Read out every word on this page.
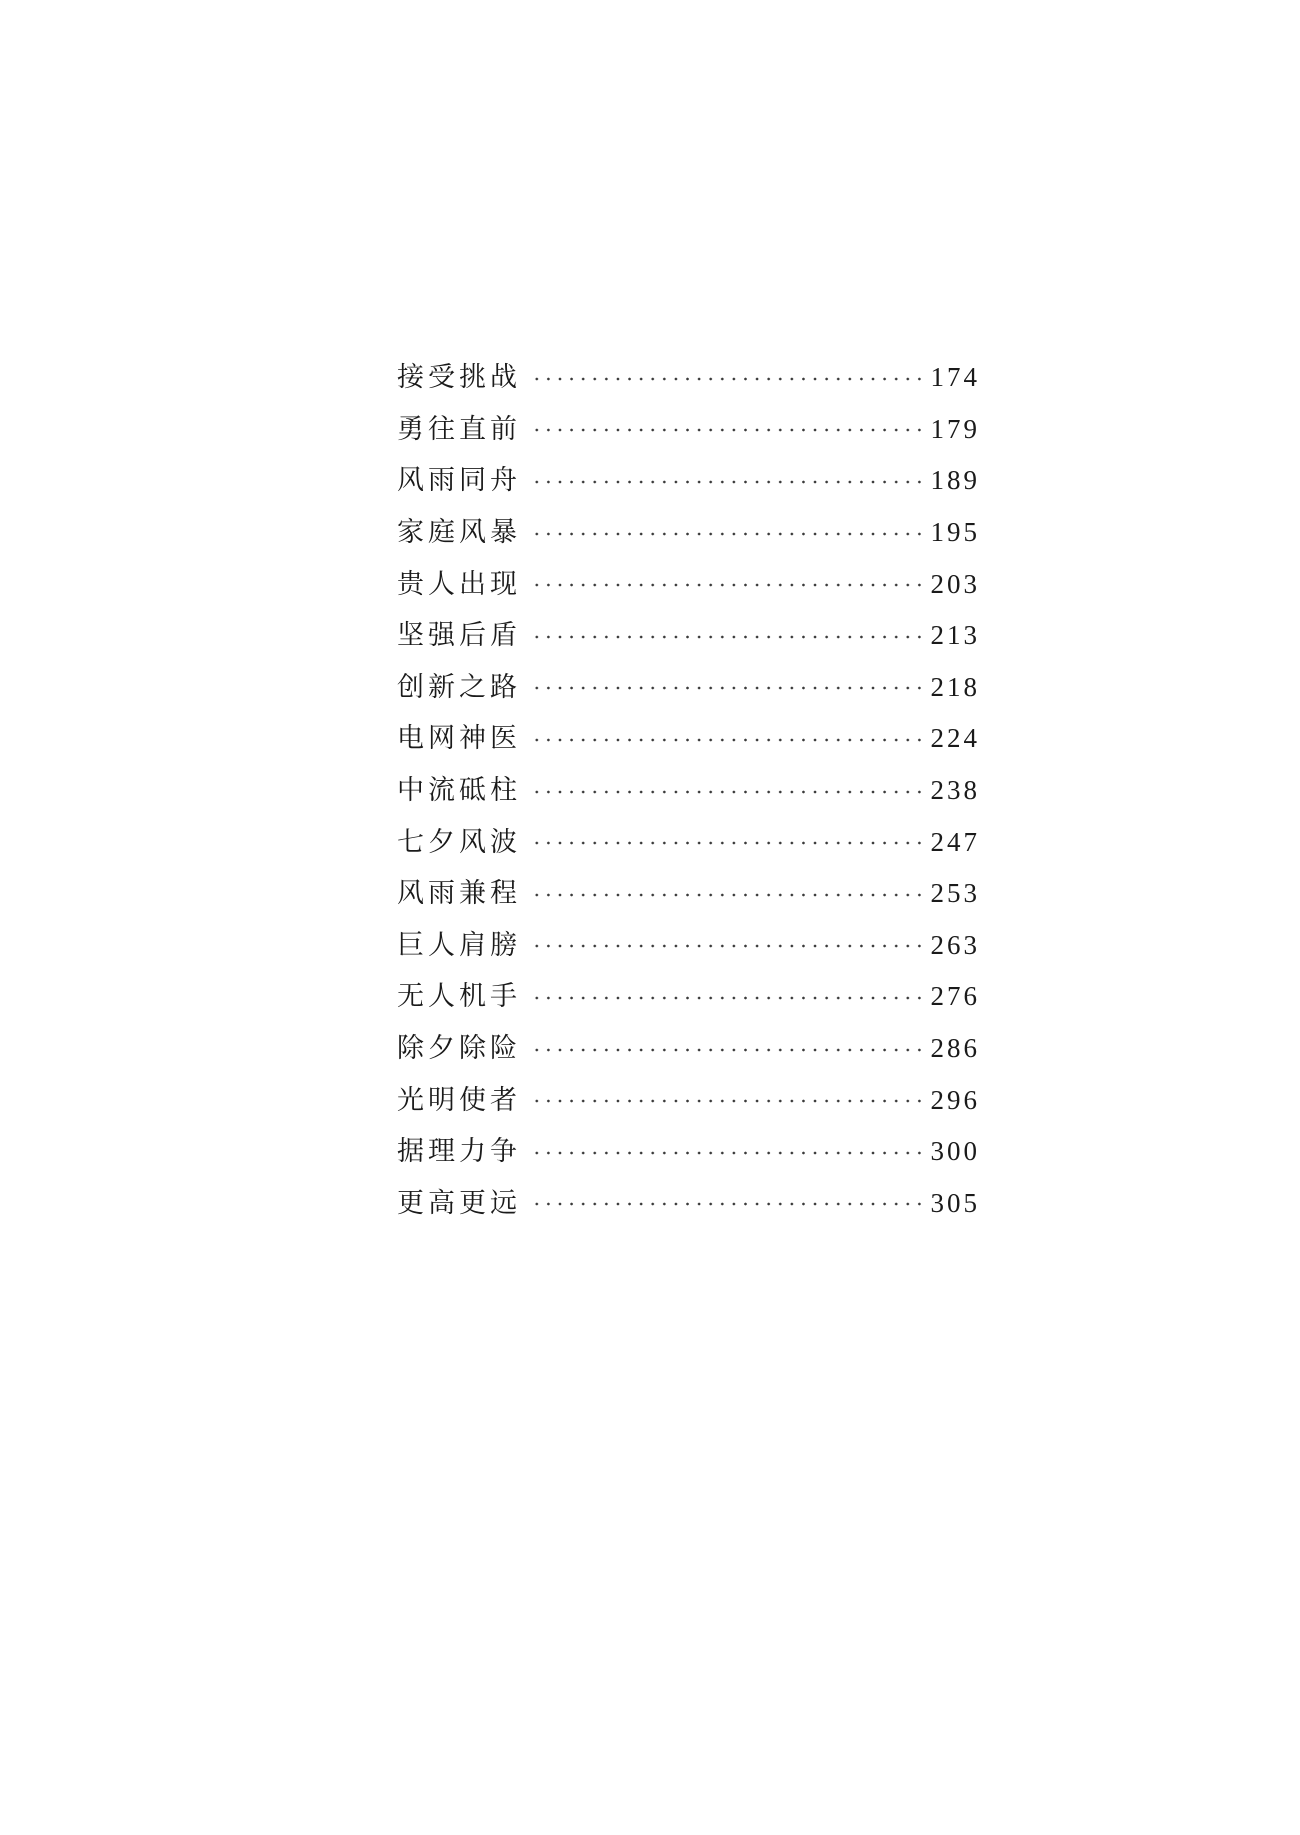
接受挑战	174
勇往直前	179
风雨同舟	189
家庭风暴	195
贵人出现	203
坚强后盾	213
创新之路	218
电网神医	224
中流砥柱	238
七夕风波	247
风雨兼程	253
巨人肩膀	263
无人机手	276
除夕除险	286
光明使者	296
据理力争	300
更高更远	305
